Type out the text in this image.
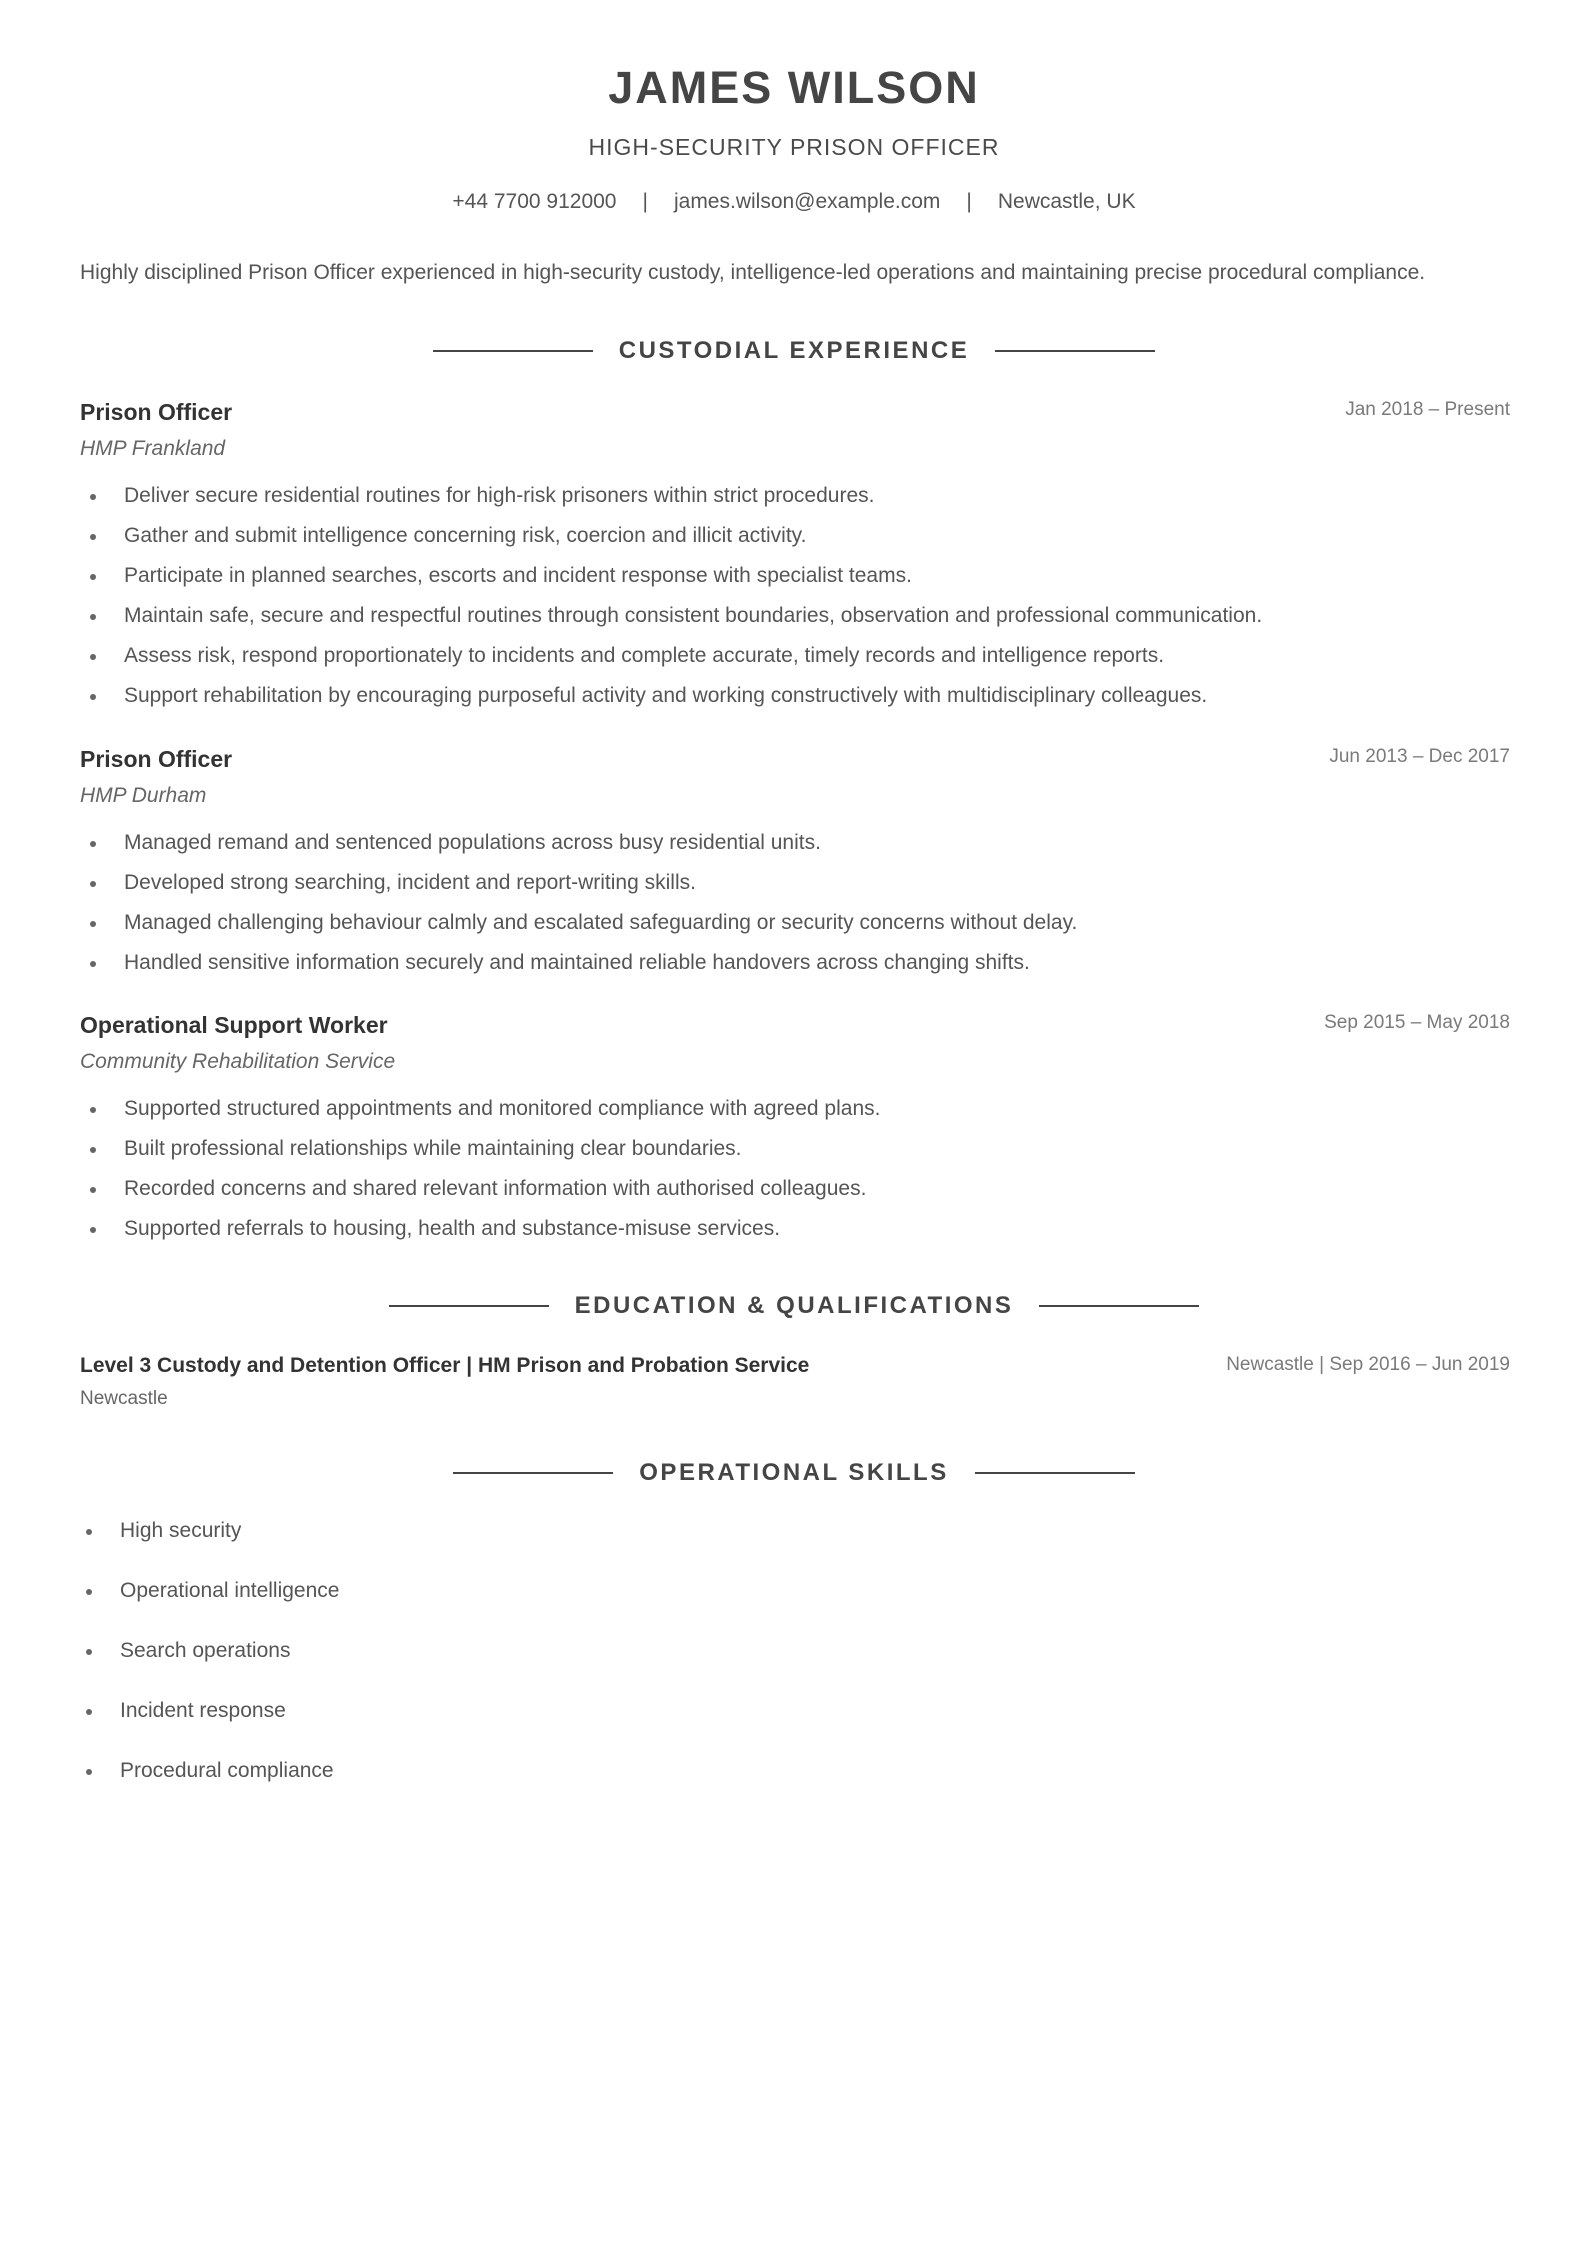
JAMES WILSON
HIGH-SECURITY PRISON OFFICER
+44 7700 912000 | james.wilson@example.com | Newcastle, UK
Highly disciplined Prison Officer experienced in high-security custody, intelligence-led operations and maintaining precise procedural compliance.
CUSTODIAL EXPERIENCE
Prison Officer	Jan 2018 – Present
HMP Frankland
Deliver secure residential routines for high-risk prisoners within strict procedures.
Gather and submit intelligence concerning risk, coercion and illicit activity.
Participate in planned searches, escorts and incident response with specialist teams.
Maintain safe, secure and respectful routines through consistent boundaries, observation and professional communication.
Assess risk, respond proportionately to incidents and complete accurate, timely records and intelligence reports.
Support rehabilitation by encouraging purposeful activity and working constructively with multidisciplinary colleagues.
Prison Officer	Jun 2013 – Dec 2017
HMP Durham
Managed remand and sentenced populations across busy residential units.
Developed strong searching, incident and report-writing skills.
Managed challenging behaviour calmly and escalated safeguarding or security concerns without delay.
Handled sensitive information securely and maintained reliable handovers across changing shifts.
Operational Support Worker	Sep 2015 – May 2018
Community Rehabilitation Service
Supported structured appointments and monitored compliance with agreed plans.
Built professional relationships while maintaining clear boundaries.
Recorded concerns and shared relevant information with authorised colleagues.
Supported referrals to housing, health and substance-misuse services.
EDUCATION & QUALIFICATIONS
Level 3 Custody and Detention Officer | HM Prison and Probation Service	Newcastle | Sep 2016 – Jun 2019
Newcastle
OPERATIONAL SKILLS
High security
Operational intelligence
Search operations
Incident response
Procedural compliance
